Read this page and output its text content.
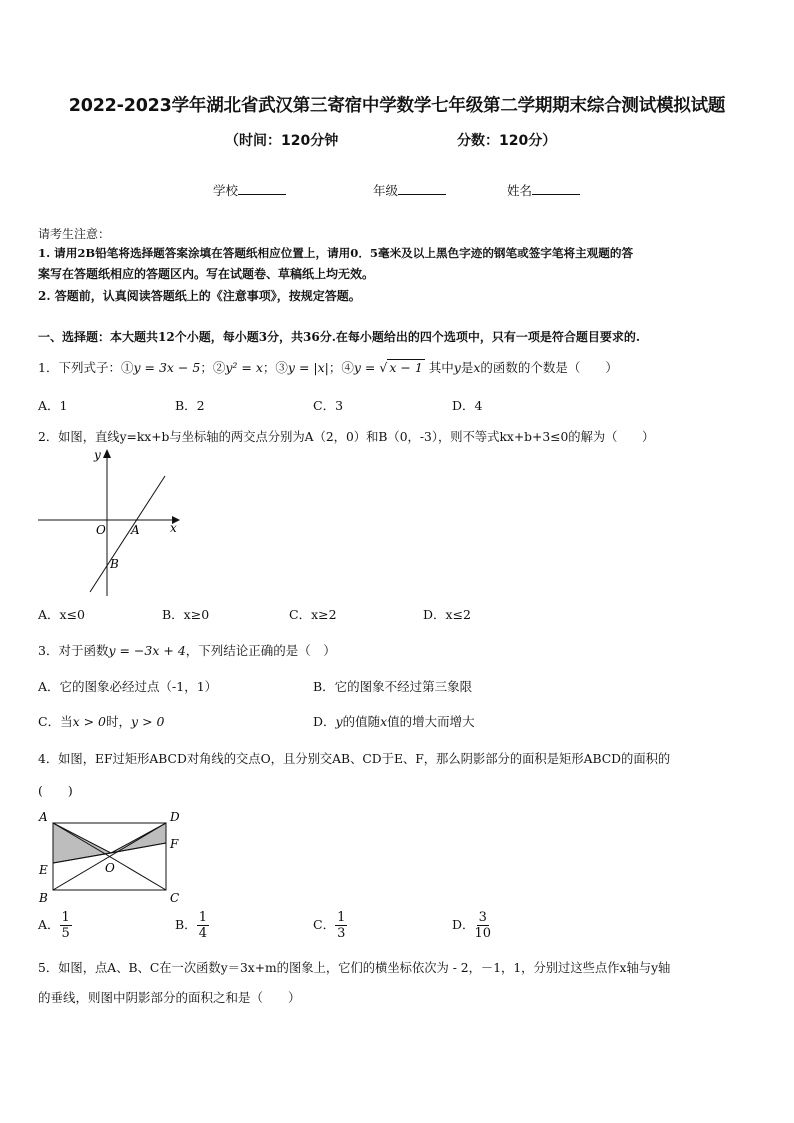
2022-2023学年湖北省武汉第三寄宿中学数学七年级第二学期期末综合测试模拟试题
（时间：120分钟	分数：120分）
学校	年级	姓名
请考生注意：
1. 请用2B铅笔将选择题答案涂填在答题纸相应位置上，请用0．5毫米及以上黑色字迹的钢笔或签字笔将主观题的答
案写在答题纸相应的答题区内。写在试题卷、草稿纸上均无效。
2. 答题前，认真阅读答题纸上的《注意事项》，按规定答题。
一、选择题：本大题共12个小题，每小题3分，共36分.在每小题给出的四个选项中，只有一项是符合题目要求的.
1．下列式子：①y = 3x − 5；②y² = x；③y = |x|；④y = √ x − 1 其中y是x的函数的个数是（　　）
A．1	B．2	C．3	D．4
2．如图，直线y=kx+b与坐标轴的两交点分别为A（2，0）和B（0，-3），则不等式kx+b+3≤0的解为（　　）
y
x
O A
B
A．x≤0	B．x≥0	C．x≥2	D．x≤2
3．对于函数y = −3x + 4，下列结论正确的是（　）
A．它的图象必经过点（-1，1）	B．它的图象不经过第三象限
C．当x > 0时，y > 0	D．y的值随x值的增大而增大
4．如图，EF过矩形ABCD对角线的交点O，且分别交AB、CD于E、F，那么阴影部分的面积是矩形ABCD的面积的
(　　)
A
B	C
D
E
F
O
A． $\frac{1}{5}$	B． $\frac{1}{4}$	C． $\frac{1}{3}$	D． $\frac{3}{10}$
5．如图，点A、B、C在一次函数y＝3x+m的图象上，它们的横坐标依次为 - 2，－1，1，分别过这些点作x轴与y轴
的垂线，则图中阴影部分的面积之和是（　　）
